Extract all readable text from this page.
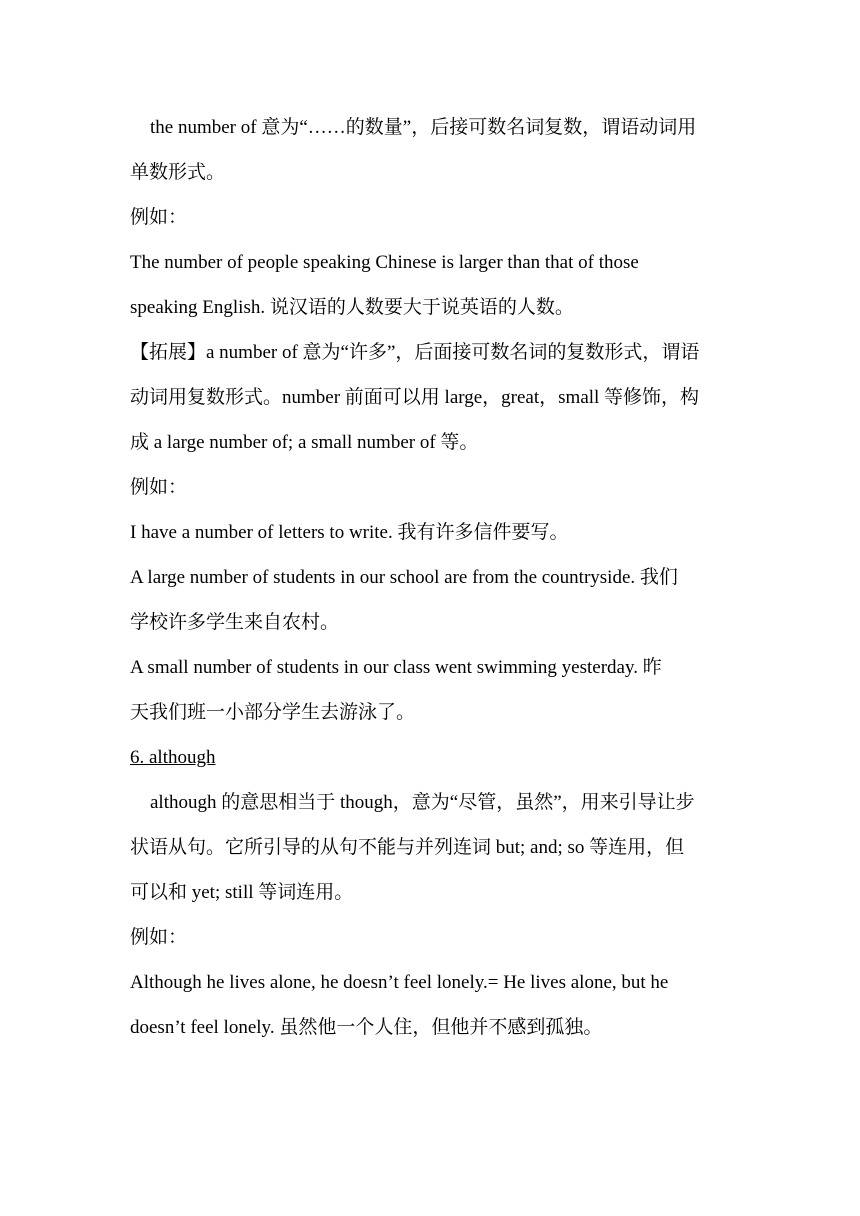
the number of 意为“……的数量”，后接可数名词复数，谓语动词用
单数形式。
例如：
The number of people speaking Chinese is larger than that of those
speaking English. 说汉语的人数要大于说英语的人数。
【拓展】a number of 意为“许多”，后面接可数名词的复数形式，谓语
动词用复数形式。number 前面可以用 large，great，small 等修饰，构
成 a large number of; a small number of 等。
例如：
I have a number of letters to write. 我有许多信件要写。
A large number of students in our school are from the countryside. 我们
学校许多学生来自农村。
A small number of students in our class went swimming yesterday. 昨
天我们班一小部分学生去游泳了。
6. although
although 的意思相当于 though，意为“尽管，虽然”，用来引导让步
状语从句。它所引导的从句不能与并列连词 but; and; so 等连用，但
可以和 yet; still 等词连用。
例如：
Although he lives alone, he doesn’t feel lonely.= He lives alone, but he
doesn’t feel lonely. 虽然他一个人住，但他并不感到孤独。
